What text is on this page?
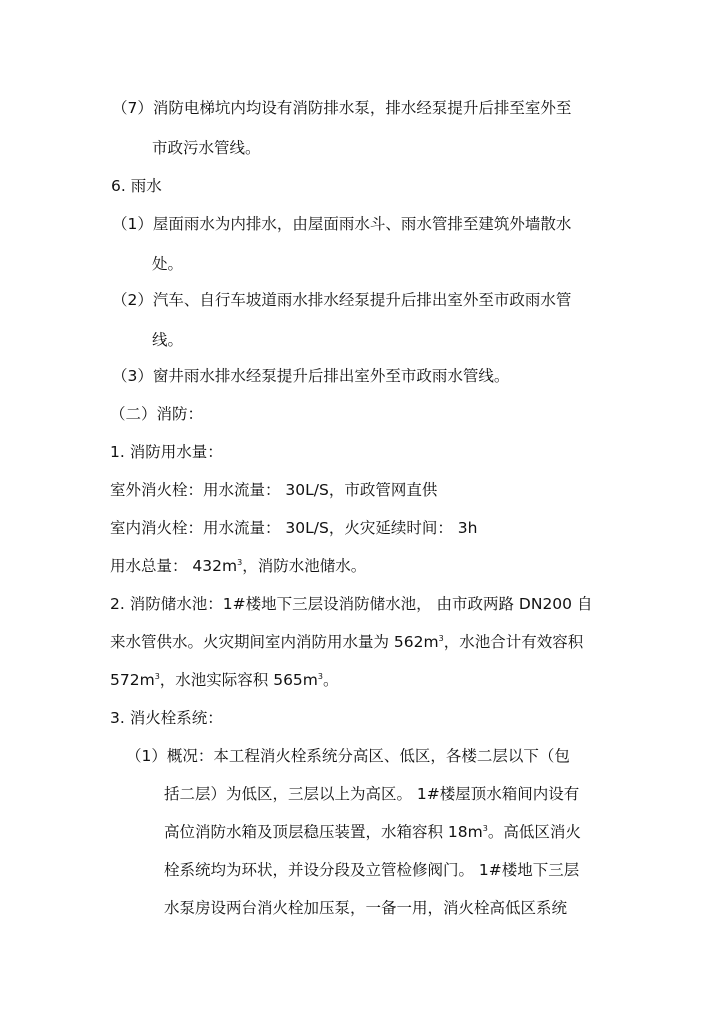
（7）消防电梯坑内均设有消防排水泵，排水经泵提升后排至室外至
市政污水管线。
6. 雨水
（1）屋面雨水为内排水，由屋面雨水斗、雨水管排至建筑外墙散水
处。
（2）汽车、自行车坡道雨水排水经泵提升后排出室外至市政雨水管
线。
（3）窗井雨水排水经泵提升后排出室外至市政雨水管线。
（二）消防：
1. 消防用水量：
室外消火栓：用水流量： 30L/S，市政管网直供
室内消火栓：用水流量： 30L/S，火灾延续时间： 3h
用水总量： $432m^3$，消防水池储水。
2. 消防储水池：1#楼地下三层设消防储水池， 由市政两路 DN200 自
来水管供水。火灾期间室内消防用水量为 $562m^3$，水池合计有效容积
$572m^3$，水池实际容积 $565m^3$。
3. 消火栓系统：
（1）概况：本工程消火栓系统分高区、低区，各楼二层以下（包
括二层）为低区，三层以上为高区。 1#楼屋顶水箱间内设有
高位消防水箱及顶层稳压装置，水箱容积 $18m^3$。高低区消火
栓系统均为环状，并设分段及立管检修阀门。 1#楼地下三层
水泵房设两台消火栓加压泵，一备一用，消火栓高低区系统
